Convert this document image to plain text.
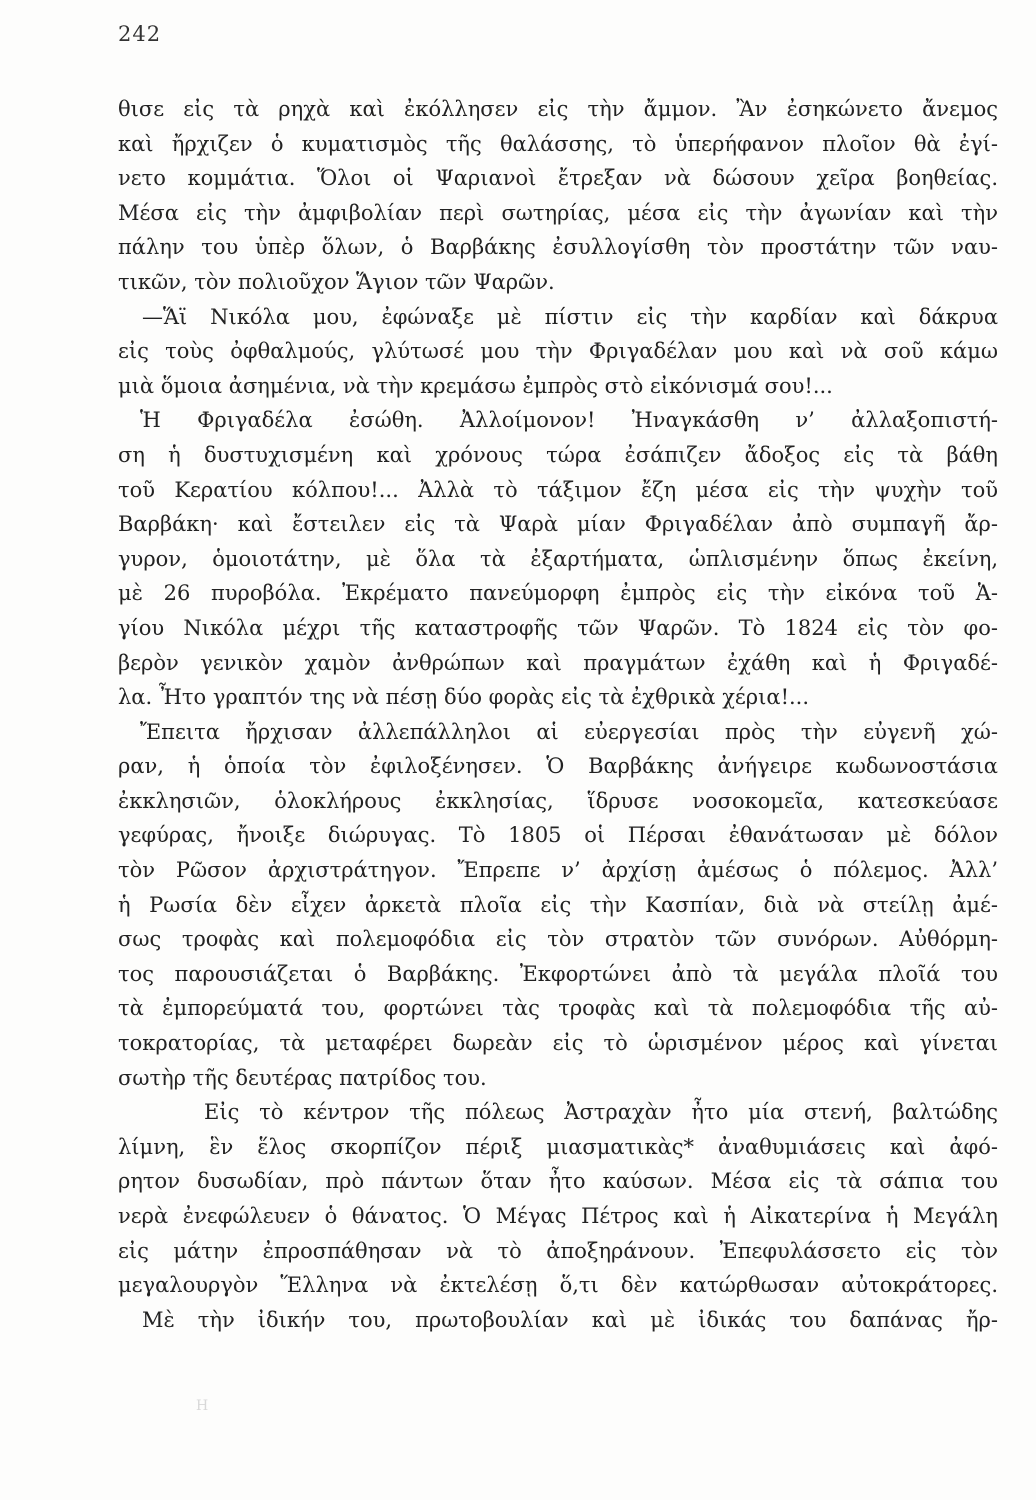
242
θισε εἰς τὰ ρηχὰ καὶ ἐκόλλησεν εἰς τὴν ἄμμον. Ἂν ἐσηκώνετο ἄνεμος
καὶ ἤρχιζεν ὁ κυματισμὸς τῆς θαλάσσης, τὸ ὑπερήφανον πλοῖον θὰ ἐγί-
νετο κομμάτια. Ὅλοι οἱ Ψαριανοὶ ἔτρεξαν νὰ δώσουν χεῖρα βοηθείας.
Μέσα εἰς τὴν ἀμφιβολίαν περὶ σωτηρίας, μέσα εἰς τὴν ἀγωνίαν καὶ τὴν
πάλην του ὑπὲρ ὅλων, ὁ Βαρβάκης ἐσυλλογίσθη τὸν προστάτην τῶν ναυ-
τικῶν, τὸν πολιοῦχον Ἅγιον τῶν Ψαρῶν.
—Ἅϊ Νικόλα μου, ἐφώναξε μὲ πίστιν εἰς τὴν καρδίαν καὶ δάκρυα
εἰς τοὺς ὀφθαλμούς, γλύτωσέ μου τὴν Φριγαδέλαν μου καὶ νὰ σοῦ κάμω
μιὰ ὅμοια ἀσημένια, νὰ τὴν κρεμάσω ἐμπρὸς στὸ εἰκόνισμά σου!...
Ἡ Φριγαδέλα ἐσώθη. Ἀλλοίμονον! Ἠναγκάσθη ν’ ἀλλαξοπιστή-
ση ἡ δυστυχισμένη καὶ χρόνους τώρα ἐσάπιζεν ἄδοξος εἰς τὰ βάθη
τοῦ Κερατίου κόλπου!... Ἀλλὰ τὸ τάξιμον ἔζη μέσα εἰς τὴν ψυχὴν τοῦ
Βαρβάκη· καὶ ἔστειλεν εἰς τὰ Ψαρὰ μίαν Φριγαδέλαν ἀπὸ συμπαγῆ ἄρ-
γυρον, ὁμοιοτάτην, μὲ ὅλα τὰ ἐξαρτήματα, ὡπλισμένην ὅπως ἐκείνη,
μὲ 26 πυροβόλα. Ἐκρέματο πανεύμορφη ἐμπρὸς εἰς τὴν εἰκόνα τοῦ Ἁ-
γίου Νικόλα μέχρι τῆς καταστροφῆς τῶν Ψαρῶν. Τὸ 1824 εἰς τὸν φο-
βερὸν γενικὸν χαμὸν ἀνθρώπων καὶ πραγμάτων ἐχάθη καὶ ἡ Φριγαδέ-
λα. Ἦτο γραπτόν της νὰ πέσῃ δύο φορὰς εἰς τὰ ἐχθρικὰ χέρια!...
Ἔπειτα ἤρχισαν ἀλλεπάλληλοι αἱ εὐεργεσίαι πρὸς τὴν εὐγενῆ χώ-
ραν, ἡ ὁποία τὸν ἐφιλοξένησεν. Ὁ Βαρβάκης ἀνήγειρε κωδωνοστάσια
ἐκκλησιῶν, ὁλοκλήρους ἐκκλησίας, ἵδρυσε νοσοκομεῖα, κατεσκεύασε
γεφύρας, ἤνοιξε διώρυγας. Τὸ 1805 οἱ Πέρσαι ἐθανάτωσαν μὲ δόλον
τὸν Ρῶσον ἀρχιστράτηγον. Ἔπρεπε ν’ ἀρχίσῃ ἀμέσως ὁ πόλεμος. Ἀλλ’
ἡ Ρωσία δὲν εἶχεν ἀρκετὰ πλοῖα εἰς τὴν Κασπίαν, διὰ νὰ στείλῃ ἀμέ-
σως τροφὰς καὶ πολεμοφόδια εἰς τὸν στρατὸν τῶν συνόρων. Αὐθόρμη-
τος παρουσιάζεται ὁ Βαρβάκης. Ἐκφορτώνει ἀπὸ τὰ μεγάλα πλοῖά του
τὰ ἐμπορεύματά του, φορτώνει τὰς τροφὰς καὶ τὰ πολεμοφόδια τῆς αὐ-
τοκρατορίας, τὰ μεταφέρει δωρεὰν εἰς τὸ ὡρισμένον μέρος καὶ γίνεται
σωτὴρ τῆς δευτέρας πατρίδος του.
Εἰς τὸ κέντρον τῆς πόλεως Ἀστραχὰν ἦτο μία στενή, βαλτώδης
λίμνη, ἓν ἕλος σκορπίζον πέριξ μιασματικὰς* ἀναθυμιάσεις καὶ ἀφό-
ρητον δυσωδίαν, πρὸ πάντων ὅταν ἦτο καύσων. Μέσα εἰς τὰ σάπια του
νερὰ ἐνεφώλευεν ὁ θάνατος. Ὁ Μέγας Πέτρος καὶ ἡ Αἰκατερίνα ἡ Μεγάλη
εἰς μάτην ἐπροσπάθησαν νὰ τὸ ἀποξηράνουν. Ἐπεφυλάσσετο εἰς τὸν
μεγαλουργὸν Ἕλληνα νὰ ἐκτελέσῃ ὅ,τι δὲν κατώρθωσαν αὐτοκράτορες.
Μὲ τὴν ἰδικήν του, πρωτοβουλίαν καὶ μὲ ἰδικάς του δαπάνας ἤρ-
Η
